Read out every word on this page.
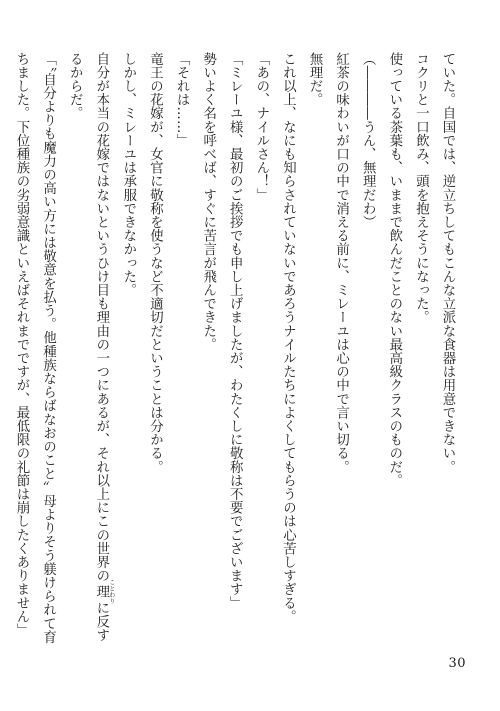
ていた。自国では、逆立ちしてもこんな立派な食器は用意できない。
コクリと一口飲み、頭を抱えそうになった。
使っている茶葉も、いままで飲んだことのない最高級クラスのものだ。
（――――うん、無理だわ）
紅茶の味わいが口の中で消える前に、ミレーユは心の中で言い切る。
無理だ。
これ以上、なにも知らされていないであろうナイルたちによくしてもらうのは心苦しすぎる。
「あの、ナイルさん！」
「ミレーユ様、最初のご挨拶でも申し上げましたが、わたくしに敬称は不要でございます」
勢いよく名を呼べば、すぐに苦言が飛んできた。
「それは……」
竜王の花嫁が、女官に敬称を使うなど不適切だということは分かる。
しかし、ミレーユは承服できなかった。
自分が本当の花嫁ではないというひけ目も理由の一つにあるが、それ以上にこの世界の理 ことわりに反す
るからだ。
「〝自分よりも魔力の高い方には敬意を払う。他種族ならばなおのこと〟母よりそう躾けられて育
ちました。下位種族の劣弱意識といえばそれまでですが、最低限の礼節は崩したくありません」
30
